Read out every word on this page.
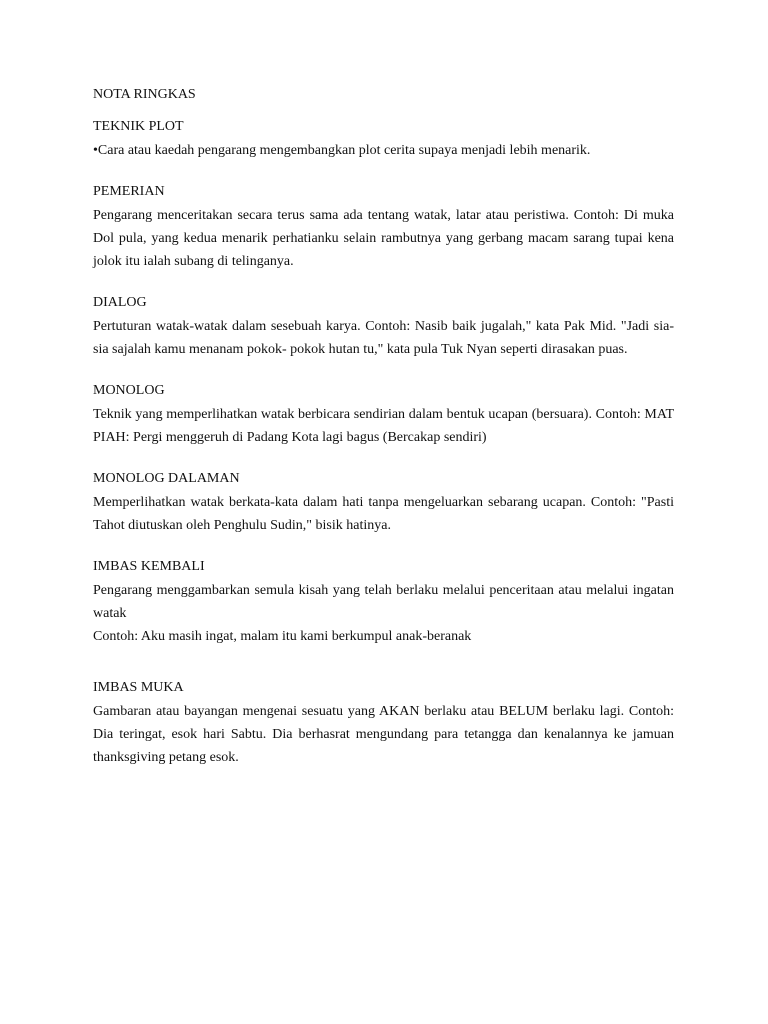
NOTA RINGKAS
TEKNIK PLOT

•Cara atau kaedah pengarang mengembangkan plot cerita supaya menjadi lebih menarik.

PEMERIAN

Pengarang menceritakan secara terus sama ada tentang watak, latar atau peristiwa. Contoh: Di muka Dol pula, yang kedua menarik perhatianku selain rambutnya yang gerbang macam sarang tupai kena jolok itu ialah subang di telinganya.

DIALOG

Pertuturan watak-watak dalam sesebuah karya. Contoh: Nasib baik jugalah," kata Pak Mid. "Jadi sia-sia sajalah kamu menanam pokok- pokok hutan tu," kata pula Tuk Nyan seperti dirasakan puas.

MONOLOG

Teknik yang memperlihatkan watak berbicara sendirian dalam bentuk ucapan (bersuara). Contoh: MAT PIAH: Pergi menggeruh di Padang Kota lagi bagus (Bercakap sendiri)

MONOLOG DALAMAN

Memperlihatkan watak berkata-kata dalam hati tanpa mengeluarkan sebarang ucapan. Contoh: "Pasti Tahot diutuskan oleh Penghulu Sudin," bisik hatinya.

IMBAS KEMBALI

Pengarang menggambarkan semula kisah yang telah berlaku melalui penceritaan atau melalui ingatan watak

Contoh: Aku masih ingat, malam itu kami berkumpul anak-beranak

IMBAS MUKA

Gambaran atau bayangan mengenai sesuatu yang AKAN berlaku atau BELUM berlaku lagi. Contoh: Dia teringat, esok hari Sabtu. Dia berhasrat mengundang para tetangga dan kenalannya ke jamuan thanksgiving petang esok.
